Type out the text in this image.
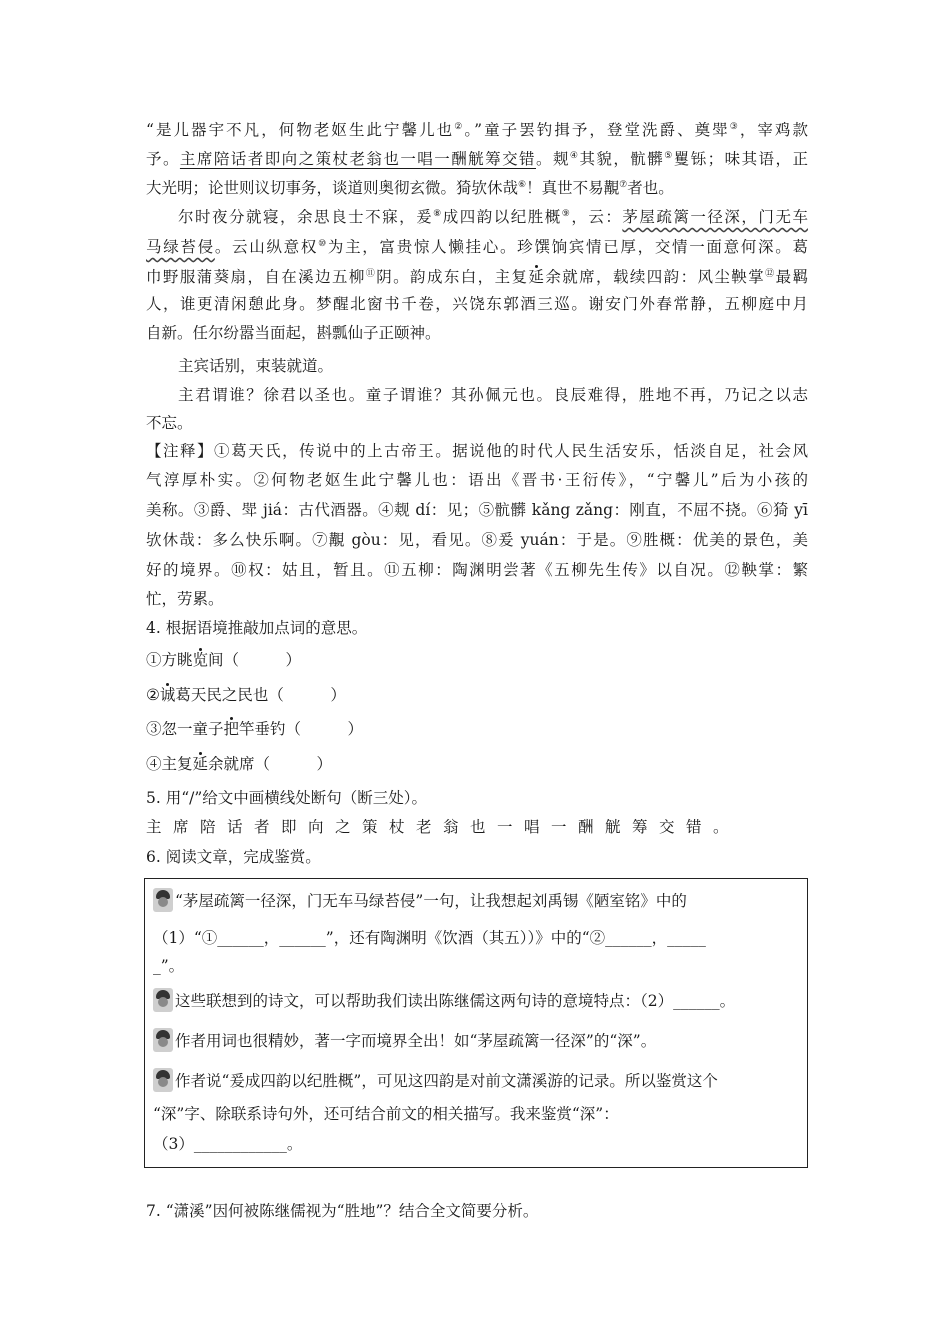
“是儿器宇不凡，何物老妪生此宁馨儿也②。”童子罢钓揖予，登堂洗爵、奠斝③，宰鸡款
予。主席陪话者即向之策杖老翁也一唱一酬觥筹交错。觌④其貌，骯髒⑤矍铄；味其语，正
大光明；论世则议切事务，谈道则奥彻玄微。猗欤休哉⑥！真世不易覯⑦者也。
尔时夜分就寝，余思良士不寐，爰⑧成四韵以纪胜概⑨，云：茅屋疏篱一径深，门无车
马绿苔侵。云山纵意权⑩为主，富贵惊人懒挂心。珍馔饷宾情已厚，交情一面意何深。葛
巾野服蒲葵扇，自在溪边五柳⑪阴。韵成东白，主复延余就席，载续四韵：风尘鞅掌⑫最羁
人，谁更清闲憩此身。梦醒北窗书千卷，兴饶东郭酒三巡。谢安门外春常静，五柳庭中月
自新。任尔纷嚣当面起，斟瓢仙子正颐神。
主宾话别，束装就道。
主君谓谁？徐君以圣也。童子谓谁？其孙佩元也。良辰难得，胜地不再，乃记之以志
不忘。
【注释】①葛天氏，传说中的上古帝王。据说他的时代人民生活安乐，恬淡自足，社会风
气淳厚朴实。②何物老妪生此宁馨儿也：语出《晋书·王衍传》，“宁馨儿”后为小孩的
美称。③爵、斝 jiá：古代酒器。④觌 dí：见；⑤骯髒 kǎng zǎng：刚直，不屈不挠。⑥猗 yī
欤休哉：多么快乐啊。⑦覯 gòu：见，看见。⑧爰 yuán：于是。⑨胜概：优美的景色，美
好的境界。⑩权：姑且，暂且。⑪五柳：陶渊明尝著《五柳先生传》以自况。⑫鞅掌：繁
忙，劳累。
4. 根据语境推敲加点词的意思。
①方眺览间（　　　）
②诚葛天民之民也（　　　）
③忽一童子把竿垂钓（　　　）
④主复延余就席（　　　）
5. 用“/”给文中画横线处断句（断三处）。
主席陪话者即向之策杖老翁也一唱一酬觥筹交错。
6. 阅读文章，完成鉴赏。
“茅屋疏篱一径深，门无车马绿苔侵”一句，让我想起刘禹锡《陋室铭》中的
（1）“①______，______”，还有陶渊明《饮酒（其五））》中的“②______，_____
_”。
这些联想到的诗文，可以帮助我们读出陈继儒这两句诗的意境特点：（2）______。
作者用词也很精妙，著一字而境界全出！如“茅屋疏篱一径深”的“深”。
作者说“爰成四韵以纪胜概”，可见这四韵是对前文潇溪游的记录。所以鉴赏这个
“深”字、除联系诗句外，还可结合前文的相关描写。我来鉴赏“深”：
（3）____________。
7. “潇溪”因何被陈继儒视为“胜地”？结合全文简要分析。
